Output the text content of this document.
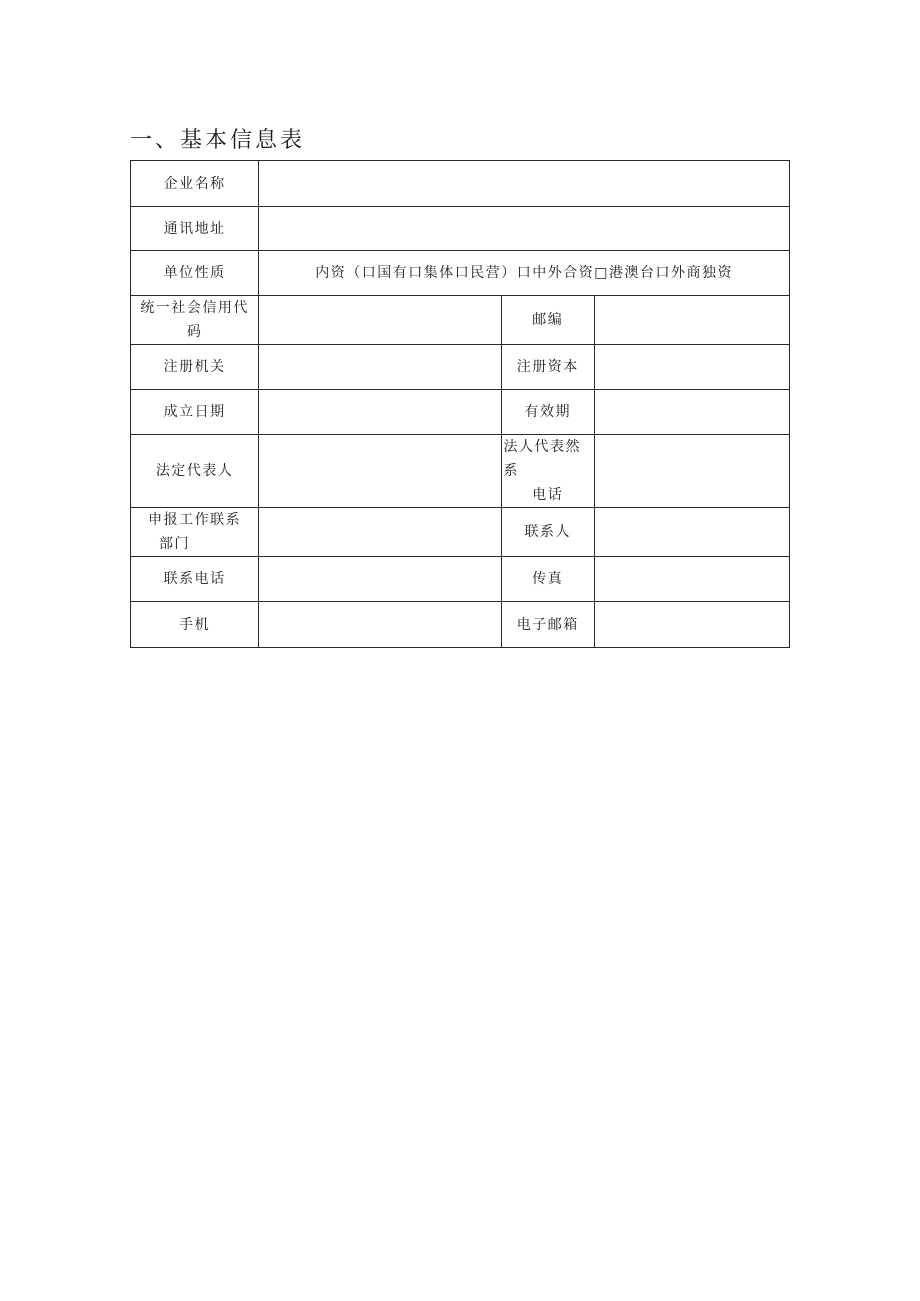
一、基本信息表
企业名称			
通讯地址			
单位性质	内资（口国有口集体口民营）口中外合资□港澳台口外商独资		
统一社会信用代码		邮编	
注册机关		注册资本	
成立日期		有效期	
法定代表人		法人代表然系
电话	

申报工作联系
部门		联系人	
联系电话		传真	
手机		电子邮箱	
